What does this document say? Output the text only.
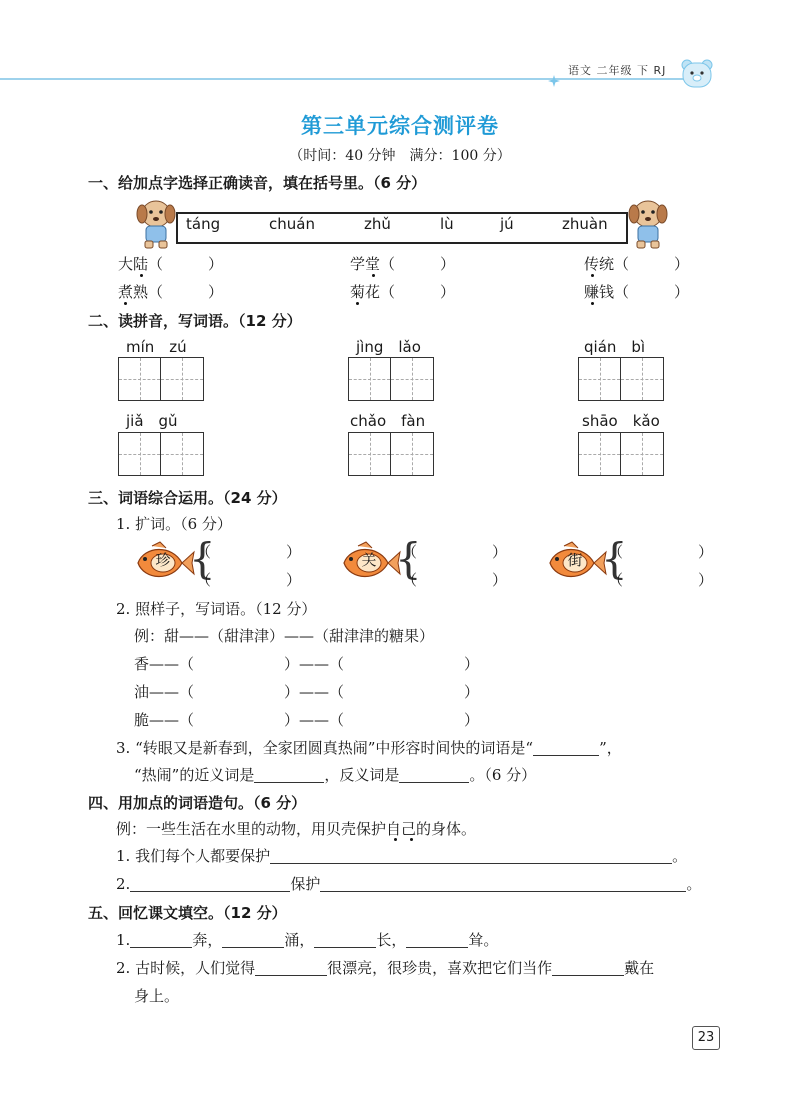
语文 二年级 下 RJ
第三单元综合测评卷
（时间：40 分钟　满分：100 分）
一、给加点字选择正确读音，填在括号里。（6 分）
táng	chuán	zhǔ	lù	jú	zhuàn
大陆（　　　）	学堂（　　　）	传统（　　　）
煮熟（　　　）	菊花（　　　）	赚钱（　　　）
二、读拼音，写词语。（12 分）
mín　zú	jìng　lǎo	qián　bì
jiǎ　gǔ	chǎo　fàn	shāo　kǎo
三、词语综合运用。（24 分）
1. 扩词。（6 分）
珍 {
（　　　　　）
（　　　　　）
关 {
（　　　　　）
（　　　　　）
街 {
（　　　　　）
（　　　　　）
2. 照样子，写词语。（12 分）
例：甜——（甜津津）——（甜津津的糖果）
香——（　　　　　　）——（　　　　　　　　）
油——（　　　　　　）——（　　　　　　　　）
脆——（　　　　　　）——（　　　　　　　　）
3. “转眼又是新春到，全家团圆真热闹”中形容时间快的词语是“	”，
“热闹”的近义词是	，反义词是	。（6 分）
四、用加点的词语造句。（6 分）
例：一些生活在水里的动物，用贝壳保护自己的身体。
1. 我们每个人都要保护	。
2.	保护	。
五、回忆课文填空。（12 分）
1.	奔，	涌，	长，	耸。
2. 古时候，人们觉得	很漂亮，很珍贵，喜欢把它们当作	戴在
身上。
23
